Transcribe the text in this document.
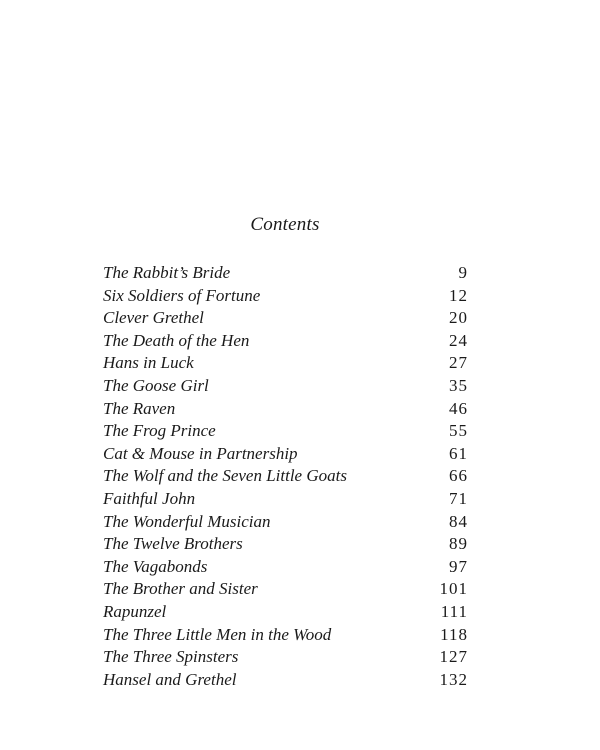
Contents
The Rabbit’s Bride	9
Six Soldiers of Fortune	12
Clever Grethel	20
The Death of the Hen	24
Hans in Luck	27
The Goose Girl	35
The Raven	46
The Frog Prince	55
Cat & Mouse in Partnership	61
The Wolf and the Seven Little Goats	66
Faithful John	71
The Wonderful Musician	84
The Twelve Brothers	89
The Vagabonds	97
The Brother and Sister	101
Rapunzel	111
The Three Little Men in the Wood	118
The Three Spinsters	127
Hansel and Grethel	132
